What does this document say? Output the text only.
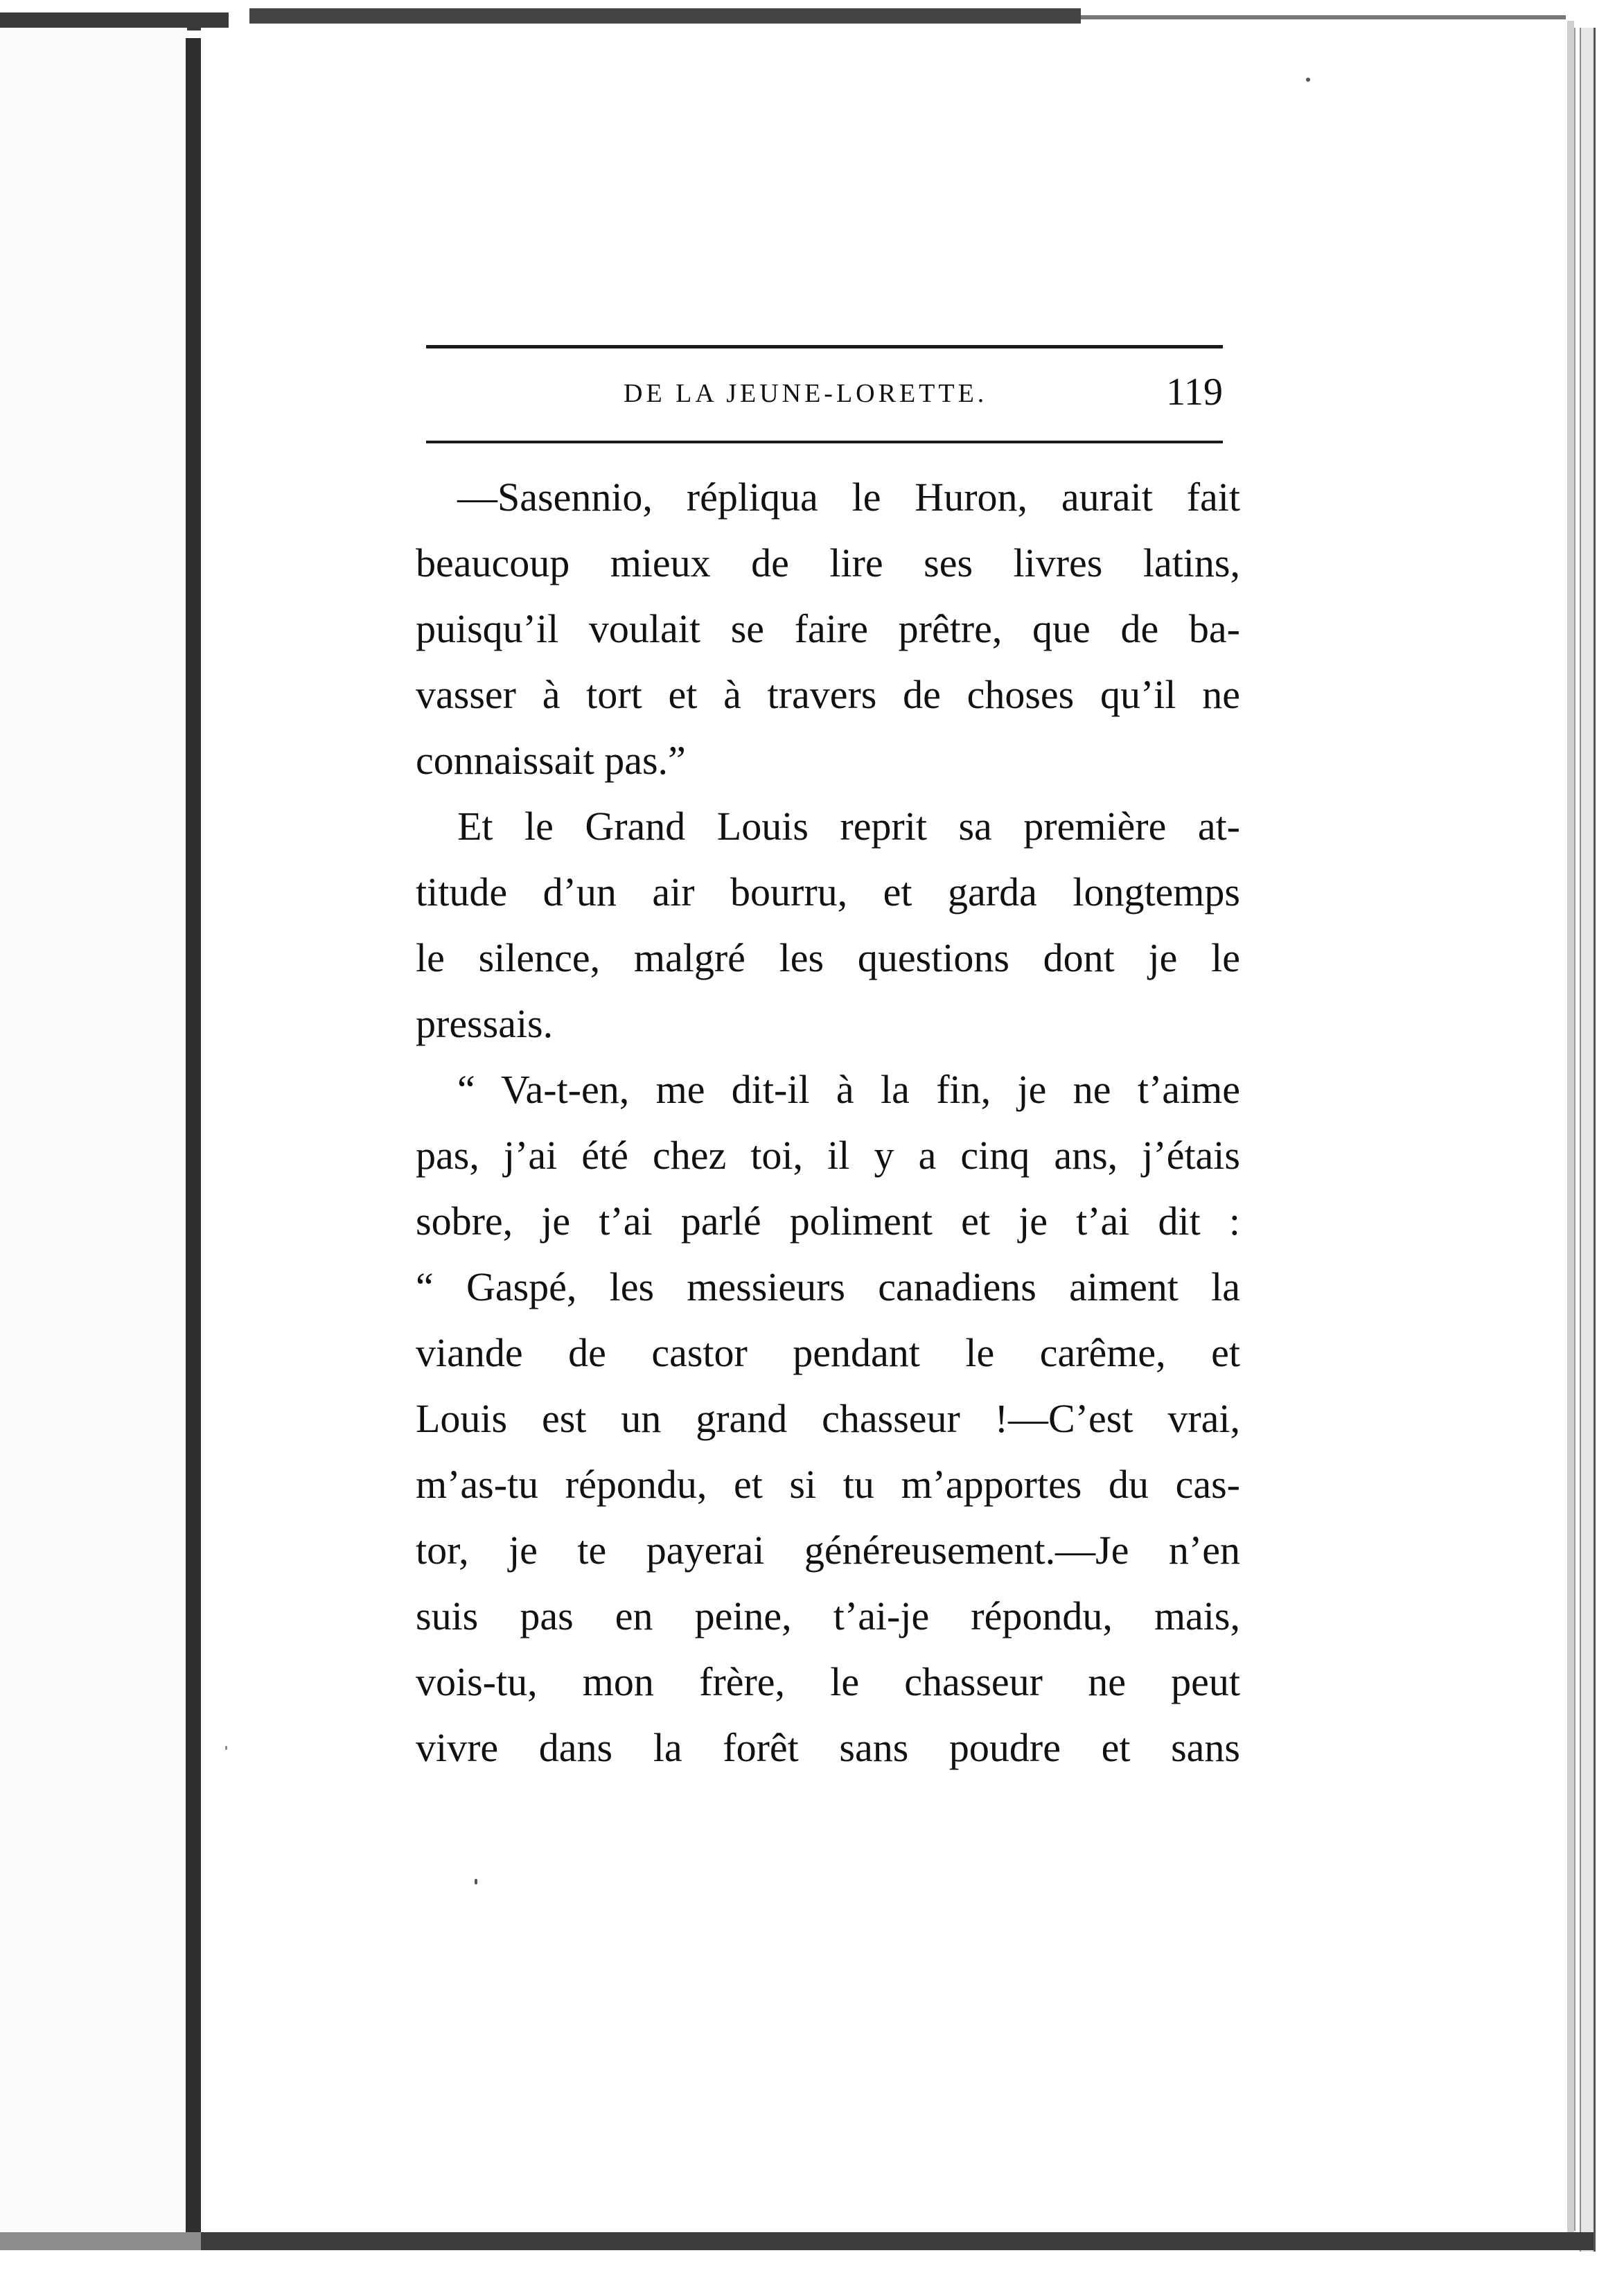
DE LA JEUNE-LORETTE.	119
—Sasennio, répliqua le Huron, aurait fait
beaucoup mieux de lire ses livres latins,
puisqu’il voulait se faire prêtre, que de ba-
vasser à tort et à travers de choses qu’il ne
connaissait pas.”
Et le Grand Louis reprit sa première at-
titude d’un air bourru, et garda longtemps
le silence, malgré les questions dont je le
pressais.
“ Va-t-en, me dit-il à la fin, je ne t’aime
pas, j’ai été chez toi, il y a cinq ans, j’étais
sobre, je t’ai parlé poliment et je t’ai dit :
“ Gaspé, les messieurs canadiens aiment la
viande de castor pendant le carême, et
Louis est un grand chasseur !—C’est vrai,
m’as-tu répondu, et si tu m’apportes du cas-
tor, je te payerai généreusement.—Je n’en
suis pas en peine, t’ai-je répondu, mais,
vois-tu, mon frère, le chasseur ne peut
vivre dans la forêt sans poudre et sans
